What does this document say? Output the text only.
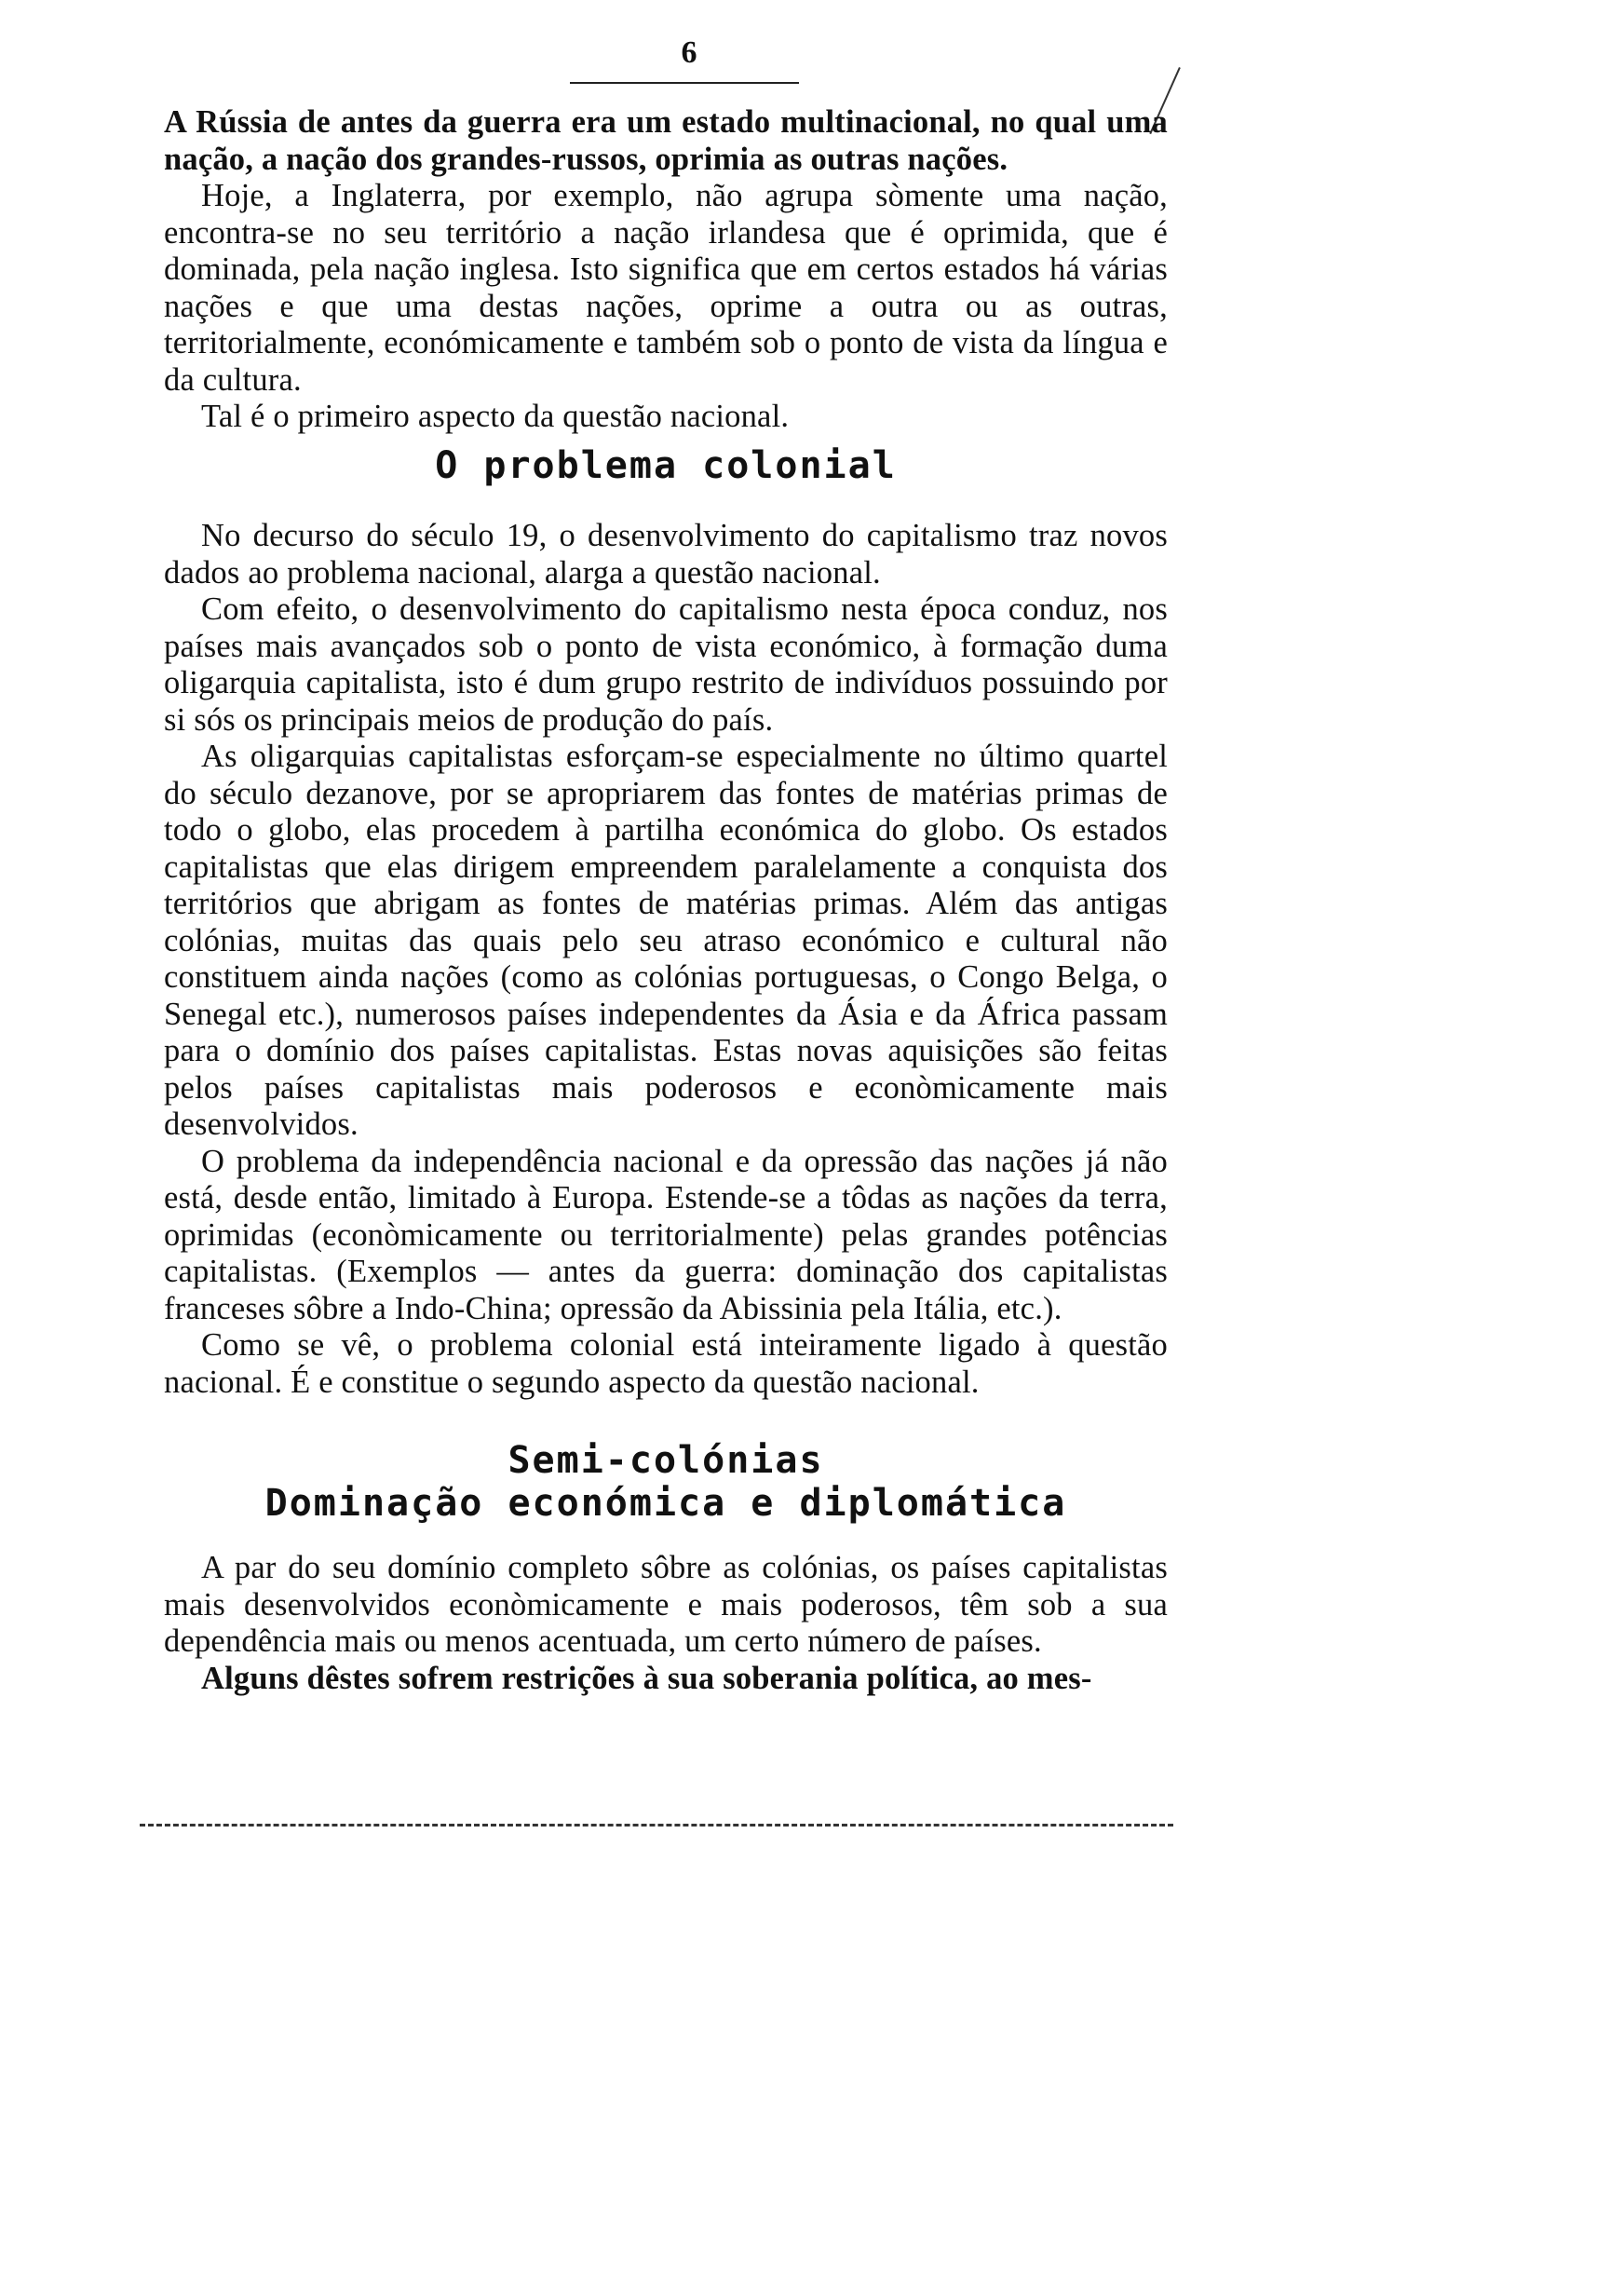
6

A Rússia de antes da guerra era um estado multinacional, no qual uma nação, a nação dos grandes-russos, oprimia as outras nações.

Hoje, a Inglaterra, por exemplo, não agrupa sòmente uma nação, encontra-se no seu território a nação irlandesa que é oprimida, que é dominada, pela nação inglesa. Isto significa que em certos estados há várias nações e que uma destas nações, oprime a outra ou as outras, territorialmente, económicamente e também sob o ponto de vista da língua e da cultura.

Tal é o primeiro aspecto da questão nacional.

O problema colonial

No decurso do século 19, o desenvolvimento do capitalismo traz novos dados ao problema nacional, alarga a questão nacional.

Com efeito, o desenvolvimento do capitalismo nesta época conduz, nos países mais avançados sob o ponto de vista económico, à formação duma oligarquia capitalista, isto é dum grupo restrito de indivíduos possuindo por si sós os principais meios de produção do país.

As oligarquias capitalistas esforçam-se especialmente no último quartel do século dezanove, por se apropriarem das fontes de matérias primas de todo o globo, elas procedem à partilha económica do globo. Os estados capitalistas que elas dirigem empreendem paralelamente a conquista dos territórios que abrigam as fontes de matérias primas. Além das antigas colónias, muitas das quais pelo seu atraso económico e cultural não constituem ainda nações (como as colónias portuguesas, o Congo Belga, o Senegal etc.), numerosos países independentes da Ásia e da África passam para o domínio dos países capitalistas. Estas novas aquisições são feitas pelos países capitalistas mais poderosos e econòmicamente mais desenvolvidos.

O problema da independência nacional e da opressão das nações já não está, desde então, limitado à Europa. Estende-se a tôdas as nações da terra, oprimidas (econòmicamente ou territorialmente) pelas grandes potências capitalistas. (Exemplos — antes da guerra: dominação dos capitalistas franceses sôbre a Indo-China; opressão da Abissinia pela Itália, etc.).

Como se vê, o problema colonial está inteiramente ligado à questão nacional. É e constitue o segundo aspecto da questão nacional.

Semi-colónias
Dominação económica e diplomática

A par do seu domínio completo sôbre as colónias, os países capitalistas mais desenvolvidos econòmicamente e mais poderosos, têm sob a sua dependência mais ou menos acentuada, um certo número de países.

Alguns dêstes sofrem restrições à sua soberania política, ao mes-
